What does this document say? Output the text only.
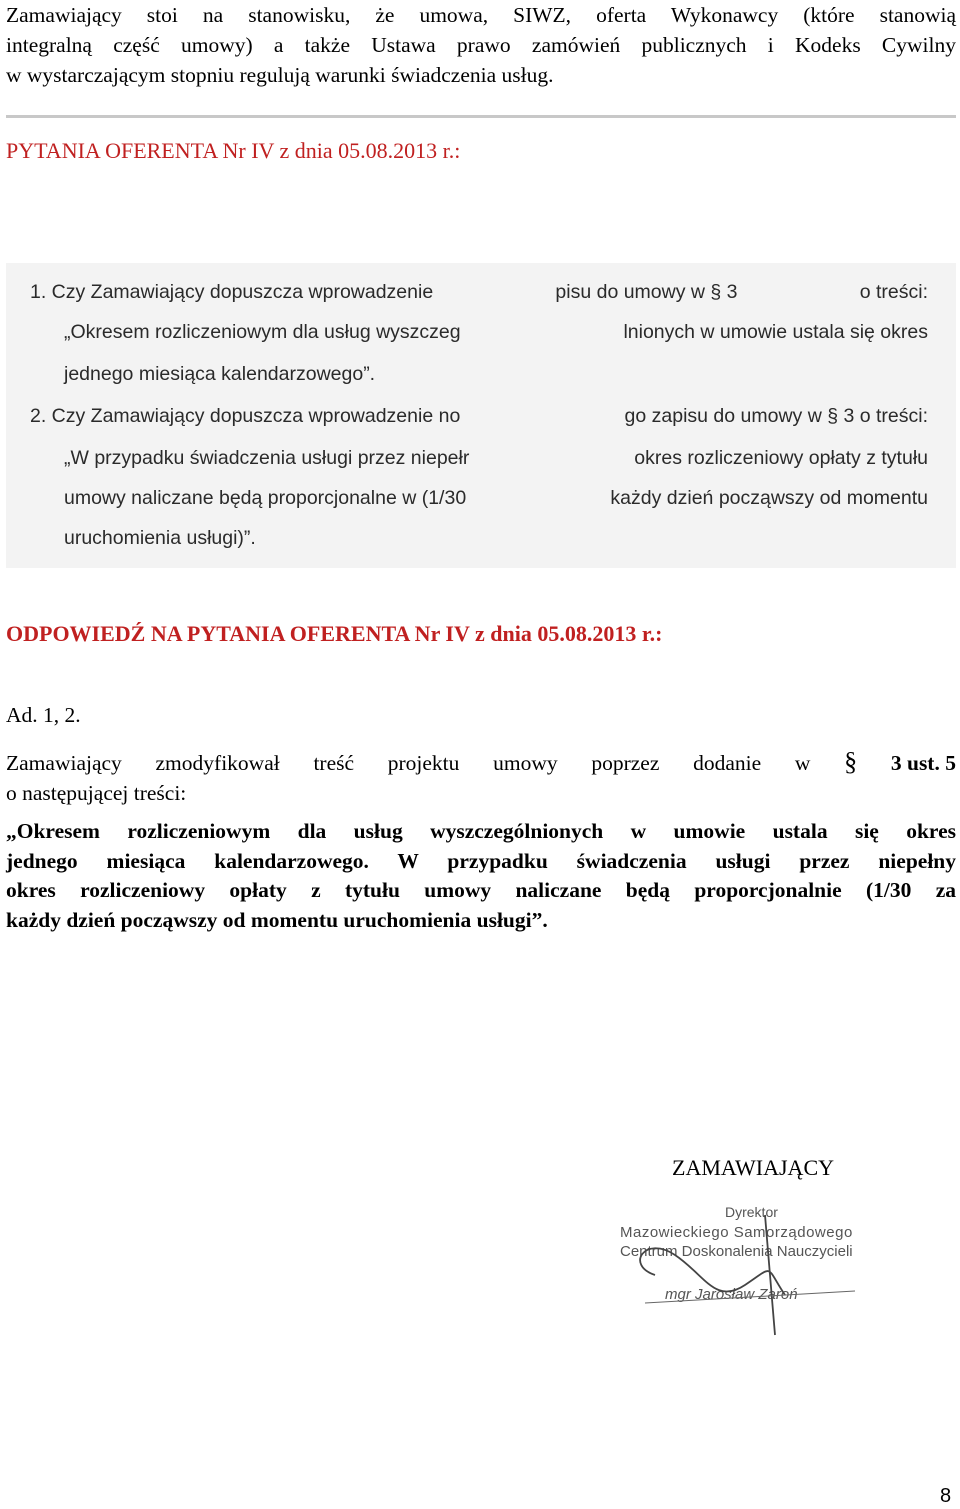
Zamawiający stoi na stanowisku, że umowa, SIWZ, oferta Wykonawcy (które stanowią
integralną część umowy) a także Ustawa prawo zamówień publicznych i Kodeks Cywilny
w wystarczającym stopniu regulują warunki świadczenia usług.
PYTANIA OFERENTA Nr IV z dnia 05.08.2013 r.:
1. Czy Zamawiający dopuszcza wprowadzenie	pisu do umowy w § 3	o treści:
„Okresem rozliczeniowym dla usług wyszczeg	lnionych w umowie ustala się okres
jednego miesiąca kalendarzowego”.
2. Czy Zamawiający dopuszcza wprowadzenie no	go zapisu do umowy w § 3 o treści:
„W przypadku świadczenia usługi przez niepełr	okres rozliczeniowy opłaty z tytułu
umowy naliczane będą proporcjonalne w (1/30	każdy dzień począwszy od momentu
uruchomienia usługi)”.
ODPOWIEDŹ NA PYTANIA OFERENTA Nr IV z dnia 05.08.2013 r.:
Ad. 1, 2.
Zamawiający zmodyfikował treść projektu umowy poprzez dodanie w § 3 ust. 5
o następującej treści:
„Okresem rozliczeniowym dla usług wyszczególnionych w umowie ustala się okres
jednego miesiąca kalendarzowego. W przypadku świadczenia usługi przez niepełny
okres rozliczeniowy opłaty z tytułu umowy naliczane będą proporcjonalnie (1/30 za
każdy dzień począwszy od momentu uruchomienia usługi”.
ZAMAWIAJĄCY
Dyrektor
Mazowieckiego Samorządowego
Centrum Doskonalenia Nauczycieli
mgr Jarosław Zaroń
8
